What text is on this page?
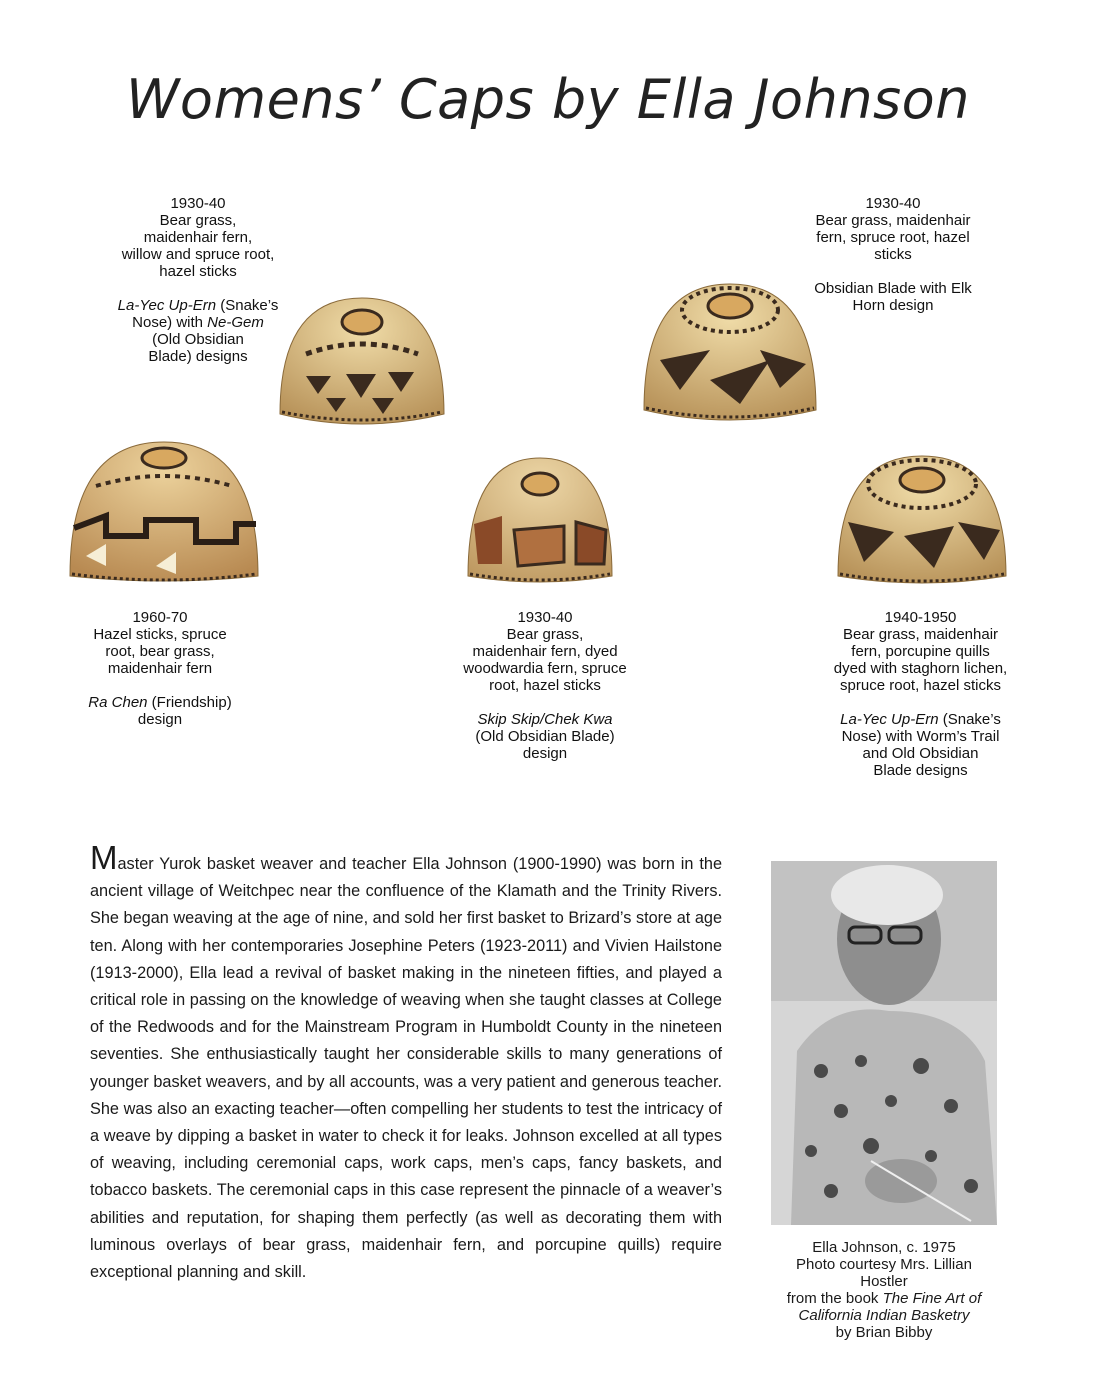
Womens’ Caps by Ella Johnson

1930-40

Bear grass,

maidenhair fern,

willow and spruce root,

hazel sticks

La-Yec Up-Ern (Snake’s

Nose) with Ne-Gem

(Old Obsidian

Blade) designs

1930-40

Bear grass, maidenhair

fern, spruce root, hazel

sticks

Obsidian Blade with Elk

Horn design

1960-70

Hazel sticks, spruce

root, bear grass,

maidenhair fern

Ra Chen (Friendship)

design

1930-40

Bear grass,

maidenhair fern, dyed

woodwardia fern, spruce

root, hazel sticks

Skip Skip/Chek Kwa

(Old Obsidian Blade)

design

1940-1950

Bear grass, maidenhair

fern, porcupine quills

dyed with staghorn lichen,

spruce root, hazel sticks

La-Yec Up-Ern (Snake’s

Nose) with Worm’s Trail

and Old Obsidian

Blade designs

Master Yurok basket weaver and teacher Ella Johnson (1900-1990) was born in the ancient village of Weitchpec near the confluence of the Klamath and the Trinity Rivers. She began weaving at the age of nine, and sold her first basket to Brizard’s store at age ten. Along with her contemporaries Josephine Peters (1923-2011) and Vivien Hailstone (1913-2000), Ella lead a revival of basket making in the nineteen fifties, and played a critical role in passing on the knowledge of weaving when she taught classes at College of the Redwoods and for the Mainstream Program in Humboldt County in the nineteen seventies. She enthusiastically taught her considerable skills to many generations of younger basket weavers, and by all accounts, was a very patient and generous teacher. She was also an exacting teacher—often compelling her students to test the intricacy of a weave by dipping a basket in water to check it for leaks. Johnson excelled at all types of weaving, including ceremonial caps, work caps, men’s caps, fancy baskets, and tobacco baskets. The ceremonial caps in this case represent the pinnacle of a weaver’s abilities and reputation, for shaping them perfectly (as well as decorating them with luminous overlays of bear grass, maidenhair fern, and porcupine quills) require exceptional planning and skill.

Ella Johnson, c. 1975

Photo courtesy Mrs. Lillian

Hostler

from the book The Fine Art of

California Indian Basketry

by Brian Bibby
